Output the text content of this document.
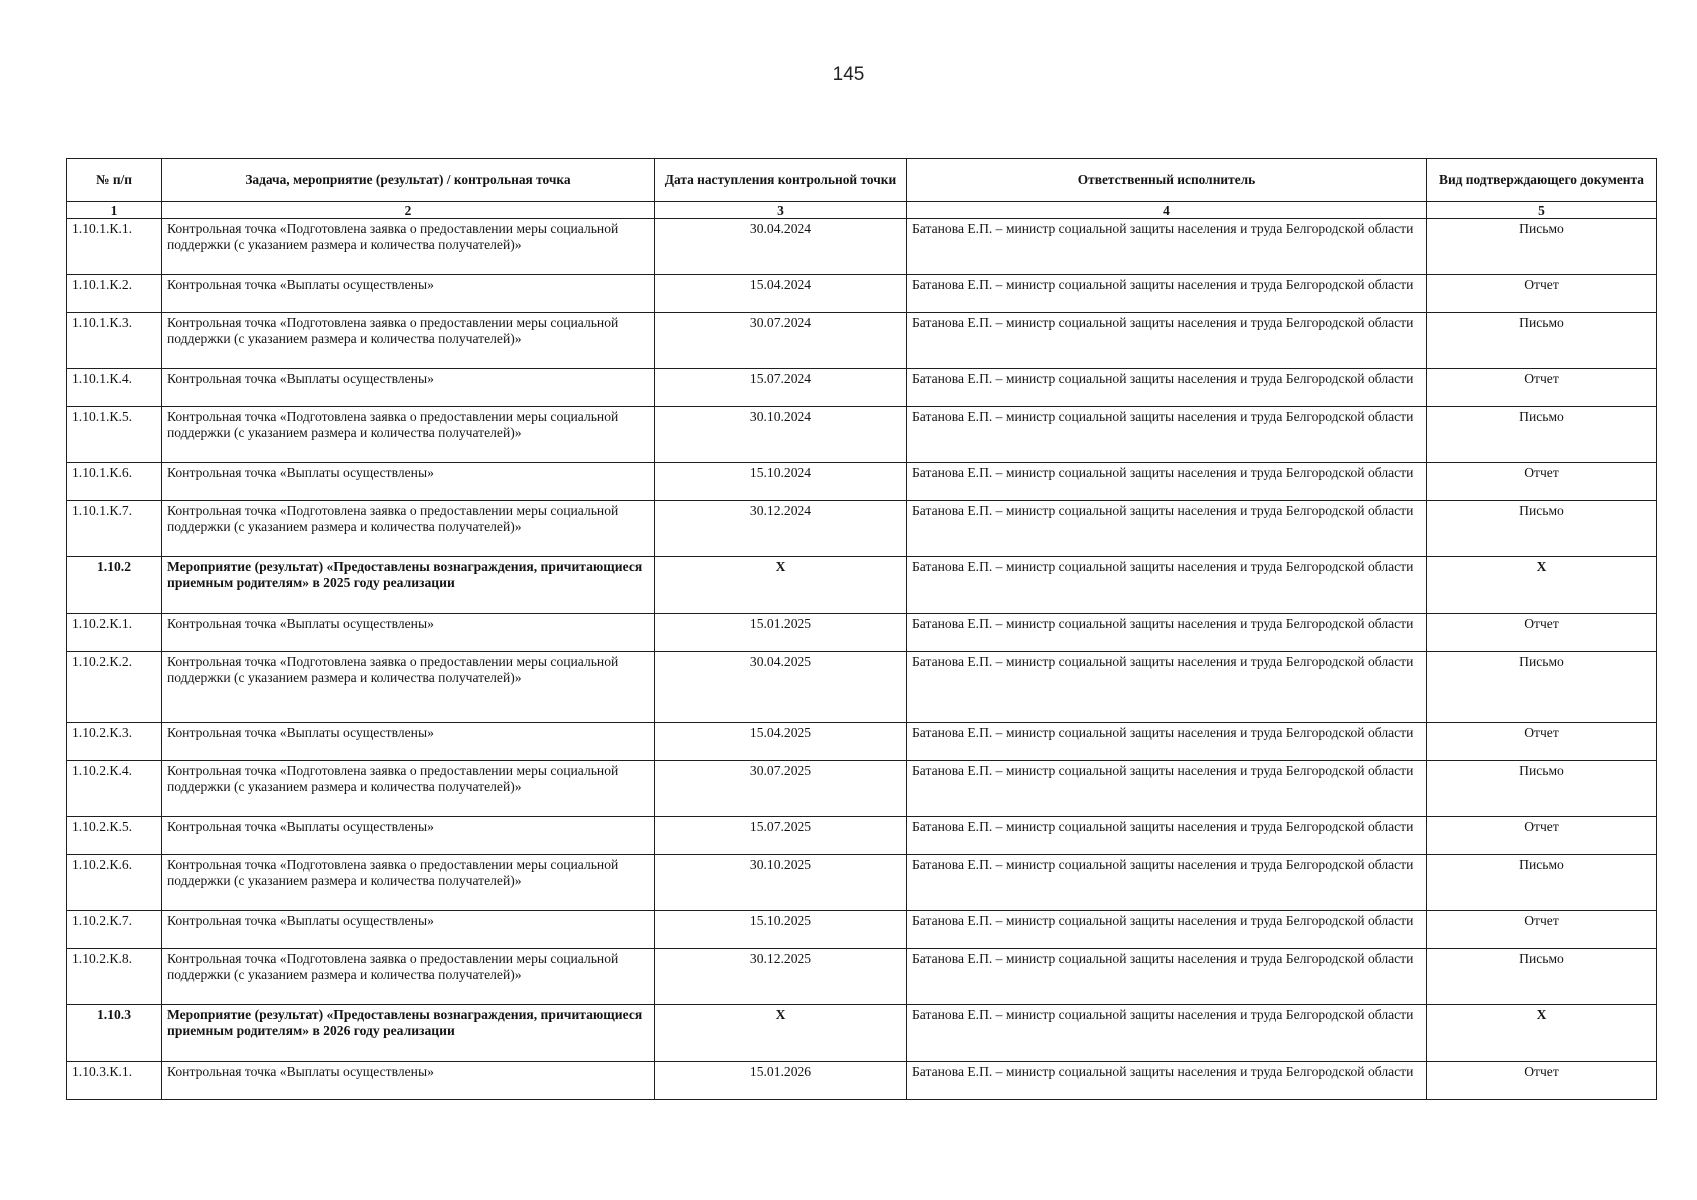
145
№ п/п	Задача, мероприятие (результат) / контрольная точка	Дата наступления контрольной точки	Ответственный исполнитель	Вид подтверждающего документа
1	2	3	4	5
1.10.1.К.1.	Контрольная точка «Подготовлена заявка о предоставлении меры социальной поддержки (с указанием размера и количества получателей)»	30.04.2024	Батанова Е.П. – министр социальной защиты населения и труда Белгородской области	Письмо
1.10.1.К.2.	Контрольная точка «Выплаты осуществлены»	15.04.2024	Батанова Е.П. – министр социальной защиты населения и труда Белгородской области	Отчет
1.10.1.К.3.	Контрольная точка «Подготовлена заявка о предоставлении меры социальной поддержки (с указанием размера и количества получателей)»	30.07.2024	Батанова Е.П. – министр социальной защиты населения и труда Белгородской области	Письмо
1.10.1.К.4.	Контрольная точка «Выплаты осуществлены»	15.07.2024	Батанова Е.П. – министр социальной защиты населения и труда Белгородской области	Отчет
1.10.1.К.5.	Контрольная точка «Подготовлена заявка о предоставлении меры социальной поддержки (с указанием размера и количества получателей)»	30.10.2024	Батанова Е.П. – министр социальной защиты населения и труда Белгородской области	Письмо
1.10.1.К.6.	Контрольная точка «Выплаты осуществлены»	15.10.2024	Батанова Е.П. – министр социальной защиты населения и труда Белгородской области	Отчет
1.10.1.К.7.	Контрольная точка «Подготовлена заявка о предоставлении меры социальной поддержки (с указанием размера и количества получателей)»	30.12.2024	Батанова Е.П. – министр социальной защиты населения и труда Белгородской области	Письмо
1.10.2	Мероприятие (результат) «Предоставлены вознаграждения, причитающиеся приемным родителям» в 2025 году реализации	Х	Батанова Е.П. – министр социальной защиты населения и труда Белгородской области	Х
1.10.2.К.1.	Контрольная точка «Выплаты осуществлены»	15.01.2025	Батанова Е.П. – министр социальной защиты населения и труда Белгородской области	Отчет
1.10.2.К.2.	Контрольная точка «Подготовлена заявка о предоставлении меры социальной поддержки (с указанием размера и количества получателей)»	30.04.2025	Батанова Е.П. – министр социальной защиты населения и труда Белгородской области	Письмо
1.10.2.К.3.	Контрольная точка «Выплаты осуществлены»	15.04.2025	Батанова Е.П. – министр социальной защиты населения и труда Белгородской области	Отчет
1.10.2.К.4.	Контрольная точка «Подготовлена заявка о предоставлении меры социальной поддержки (с указанием размера и количества получателей)»	30.07.2025	Батанова Е.П. – министр социальной защиты населения и труда Белгородской области	Письмо
1.10.2.К.5.	Контрольная точка «Выплаты осуществлены»	15.07.2025	Батанова Е.П. – министр социальной защиты населения и труда Белгородской области	Отчет
1.10.2.К.6.	Контрольная точка «Подготовлена заявка о предоставлении меры социальной поддержки (с указанием размера и количества получателей)»	30.10.2025	Батанова Е.П. – министр социальной защиты населения и труда Белгородской области	Письмо
1.10.2.К.7.	Контрольная точка «Выплаты осуществлены»	15.10.2025	Батанова Е.П. – министр социальной защиты населения и труда Белгородской области	Отчет
1.10.2.К.8.	Контрольная точка «Подготовлена заявка о предоставлении меры социальной поддержки (с указанием размера и количества получателей)»	30.12.2025	Батанова Е.П. – министр социальной защиты населения и труда Белгородской области	Письмо
1.10.3	Мероприятие (результат) «Предоставлены вознаграждения, причитающиеся приемным родителям» в 2026 году реализации	Х	Батанова Е.П. – министр социальной защиты населения и труда Белгородской области	Х
1.10.3.К.1.	Контрольная точка «Выплаты осуществлены»	15.01.2026	Батанова Е.П. – министр социальной защиты населения и труда Белгородской области	Отчет
